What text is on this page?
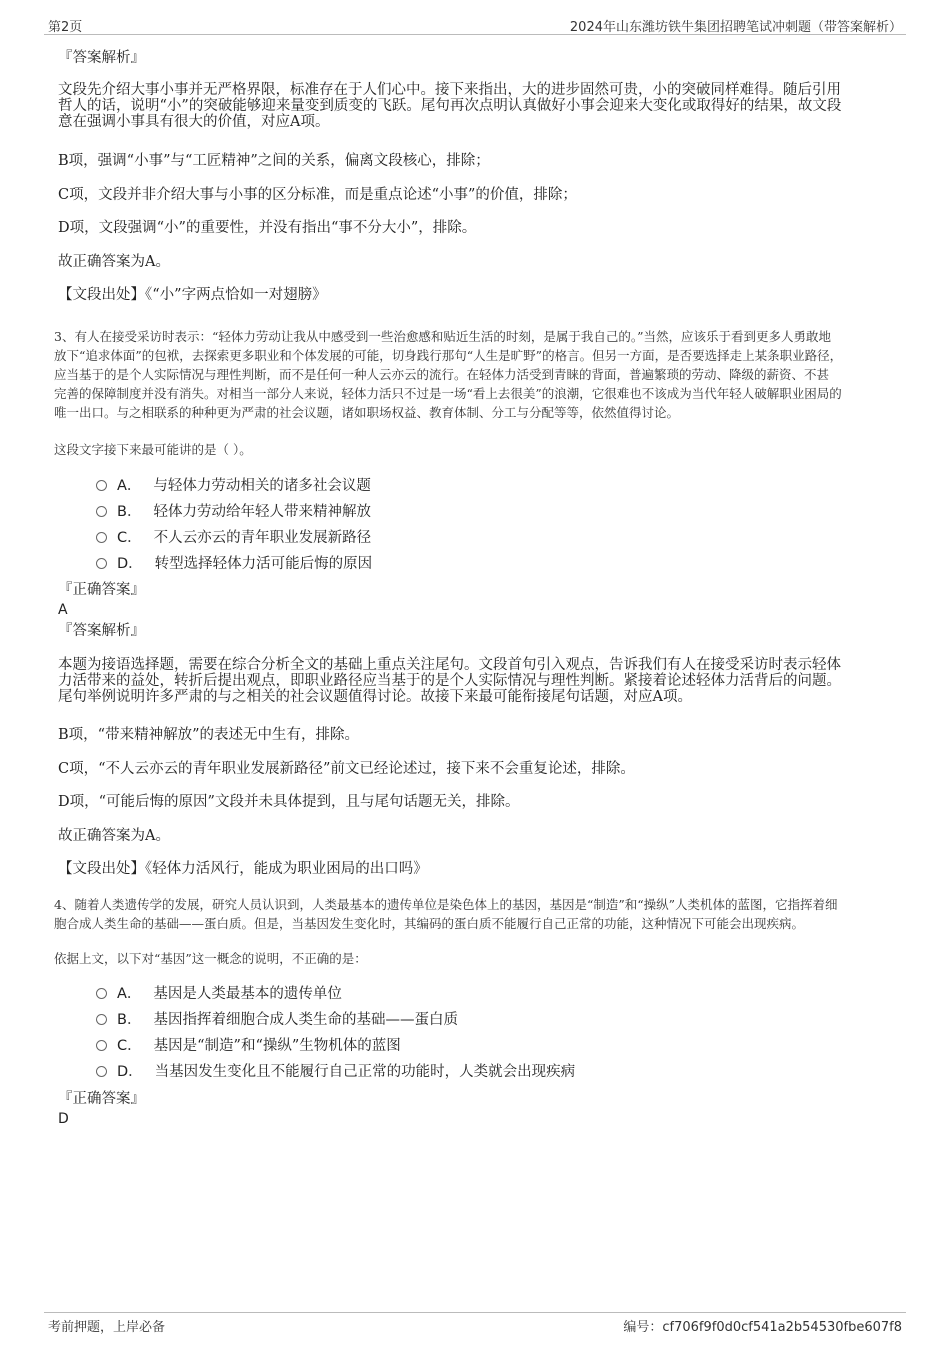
第2页	2024年山东潍坊铁牛集团招聘笔试冲刺题（带答案解析）
『答案解析』
文段先介绍大事小事并无严格界限，标准存在于人们心中。接下来指出，大的进步固然可贵，小的突破同样难得。随后引用
哲人的话，说明“小”的突破能够迎来量变到质变的飞跃。尾句再次点明认真做好小事会迎来大变化或取得好的结果，故文段
意在强调小事具有很大的价值，对应A项。
B项，强调“小事”与“工匠精神”之间的关系，偏离文段核心，排除；
C项，文段并非介绍大事与小事的区分标准，而是重点论述“小事”的价值，排除；
D项，文段强调“小”的重要性，并没有指出“事不分大小”，排除。
故正确答案为A。
【文段出处】《“小”字两点恰如一对翅膀》
3、有人在接受采访时表示：“轻体力劳动让我从中感受到一些治愈感和贴近生活的时刻，是属于我自己的。”当然，应该乐于看到更多人勇敢地
放下“追求体面”的包袱，去探索更多职业和个体发展的可能，切身践行那句“人生是旷野”的格言。但另一方面，是否要选择走上某条职业路径，
应当基于的是个人实际情况与理性判断，而不是任何一种人云亦云的流行。在轻体力活受到青睐的背面，普遍繁琐的劳动、降级的薪资、不甚
完善的保障制度并没有消失。对相当一部分人来说，轻体力活只不过是一场“看上去很美”的浪潮，它很难也不该成为当代年轻人破解职业困局的
唯一出口。与之相联系的种种更为严肃的社会议题，诸如职场权益、教育体制、分工与分配等等，依然值得讨论。
这段文字接下来最可能讲的是（ ）。
A． 与轻体力劳动相关的诸多社会议题
B． 轻体力劳动给年轻人带来精神解放
C． 不人云亦云的青年职业发展新路径
D． 转型选择轻体力活可能后悔的原因
『正确答案』
A
『答案解析』
本题为接语选择题，需要在综合分析全文的基础上重点关注尾句。文段首句引入观点，告诉我们有人在接受采访时表示轻体
力活带来的益处，转折后提出观点，即职业路径应当基于的是个人实际情况与理性判断。紧接着论述轻体力活背后的问题。
尾句举例说明许多严肃的与之相关的社会议题值得讨论。故接下来最可能衔接尾句话题，对应A项。
B项，“带来精神解放”的表述无中生有，排除。
C项，“不人云亦云的青年职业发展新路径”前文已经论述过，接下来不会重复论述，排除。
D项，“可能后悔的原因”文段并未具体提到，且与尾句话题无关，排除。
故正确答案为A。
【文段出处】《轻体力活风行，能成为职业困局的出口吗》
4、随着人类遗传学的发展，研究人员认识到，人类最基本的遗传单位是染色体上的基因，基因是“制造”和“操纵”人类机体的蓝图，它指挥着细
胞合成人类生命的基础——蛋白质。但是，当基因发生变化时，其编码的蛋白质不能履行自己正常的功能，这种情况下可能会出现疾病。
依据上文，以下对“基因”这一概念的说明，不正确的是：
A． 基因是人类最基本的遗传单位
B． 基因指挥着细胞合成人类生命的基础——蛋白质
C． 基因是“制造”和“操纵”生物机体的蓝图
D． 当基因发生变化且不能履行自己正常的功能时，人类就会出现疾病
『正确答案』
D
考前押题，上岸必备	编号：cf706f9f0d0cf541a2b54530fbe607f8
